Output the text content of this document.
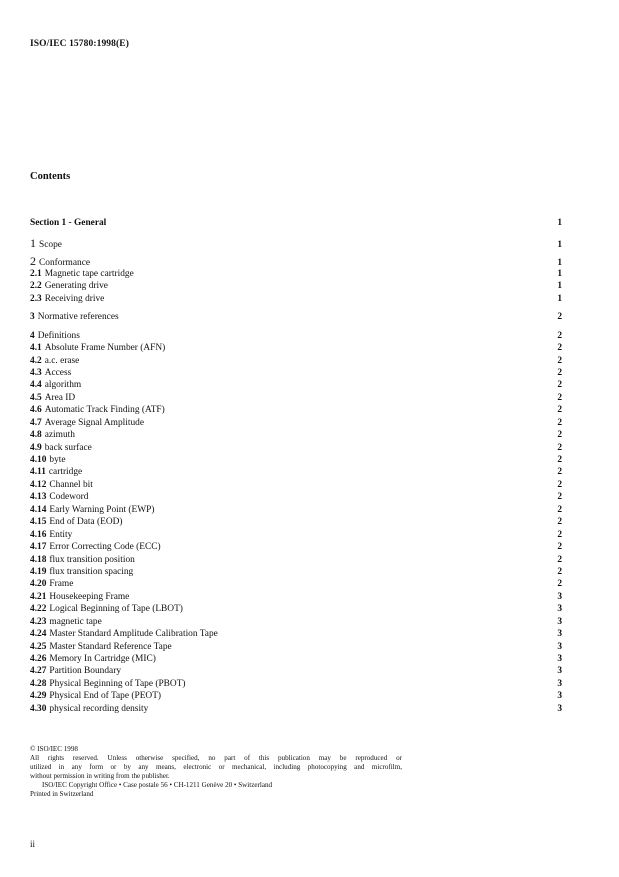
ISO/IEC 15780:1998(E)
Contents
Section 1 - General	1
1 Scope	1
2 Conformance	1
2.1 Magnetic tape cartridge	1
2.2 Generating drive	1
2.3 Receiving drive	1
3 Normative references	2
4 Definitions	2
4.1 Absolute Frame Number (AFN)	2
4.2 a.c. erase	2
4.3 Access	2
4.4 algorithm	2
4.5 Area ID	2
4.6 Automatic Track Finding (ATF)	2
4.7 Average Signal Amplitude	2
4.8 azimuth	2
4.9 back surface	2
4.10 byte	2
4.11 cartridge	2
4.12 Channel bit	2
4.13 Codeword	2
4.14 Early Warning Point (EWP)	2
4.15 End of Data (EOD)	2
4.16 Entity	2
4.17 Error Correcting Code (ECC)	2
4.18 flux transition position	2
4.19 flux transition spacing	2
4.20 Frame	2
4.21 Housekeeping Frame	3
4.22 Logical Beginning of Tape (LBOT)	3
4.23 magnetic tape	3
4.24 Master Standard Amplitude Calibration Tape	3
4.25 Master Standard Reference Tape	3
4.26 Memory In Cartridge (MIC)	3
4.27 Partition Boundary	3
4.28 Physical Beginning of Tape (PBOT)	3
4.29 Physical End of Tape (PEOT)	3
4.30 physical recording density	3
© ISO/IEC 1998
All rights reserved. Unless otherwise specified, no part of this publication may be reproduced or
utilized in any form or by any means, electronic or mechanical, including photocopying and microfilm,
without permission in writing from the publisher.
ISO/IEC Copyright Office • Case postale 56 • CH-1211 Genève 20 • Switzerland
Printed in Switzerland
ii
